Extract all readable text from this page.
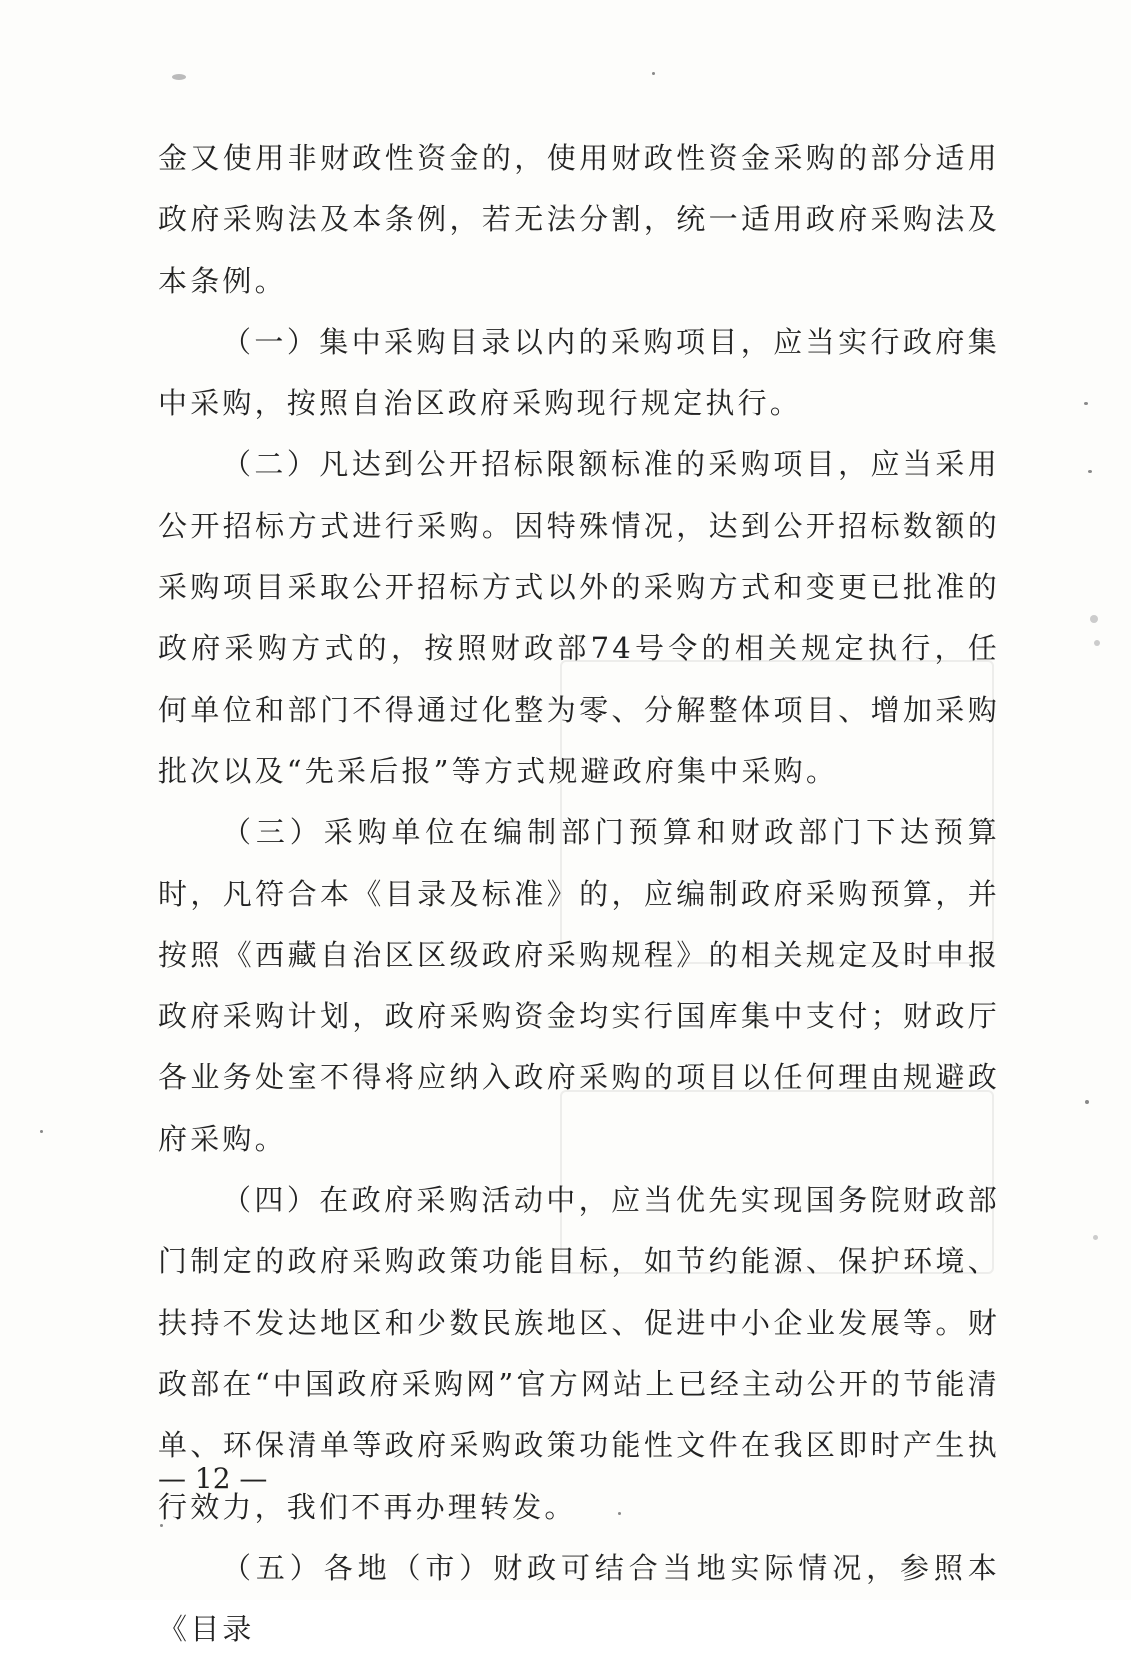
金又使用非财政性资金的，使用财政性资金采购的部分适用政府采购法及本条例，若无法分割，统一适用政府采购法及本条例。

（一）集中采购目录以内的采购项目，应当实行政府集中采购，按照自治区政府采购现行规定执行。

（二）凡达到公开招标限额标准的采购项目，应当采用公开招标方式进行采购。因特殊情况，达到公开招标数额的采购项目采取公开招标方式以外的采购方式和变更已批准的政府采购方式的，按照财政部74号令的相关规定执行，任何单位和部门不得通过化整为零、分解整体项目、增加采购批次以及“先采后报”等方式规避政府集中采购。

（三）采购单位在编制部门预算和财政部门下达预算时，凡符合本《目录及标准》的，应编制政府采购预算，并按照《西藏自治区区级政府采购规程》的相关规定及时申报政府采购计划，政府采购资金均实行国库集中支付；财政厅各业务处室不得将应纳入政府采购的项目以任何理由规避政府采购。

（四）在政府采购活动中，应当优先实现国务院财政部门制定的政府采购政策功能目标，如节约能源、保护环境、扶持不发达地区和少数民族地区、促进中小企业发展等。财政部在“中国政府采购网”官方网站上已经主动公开的节能清单、环保清单等政府采购政策功能性文件在我区即时产生执行效力，我们不再办理转发。

（五）各地（市）财政可结合当地实际情况，参照本《目录

— 12 —
